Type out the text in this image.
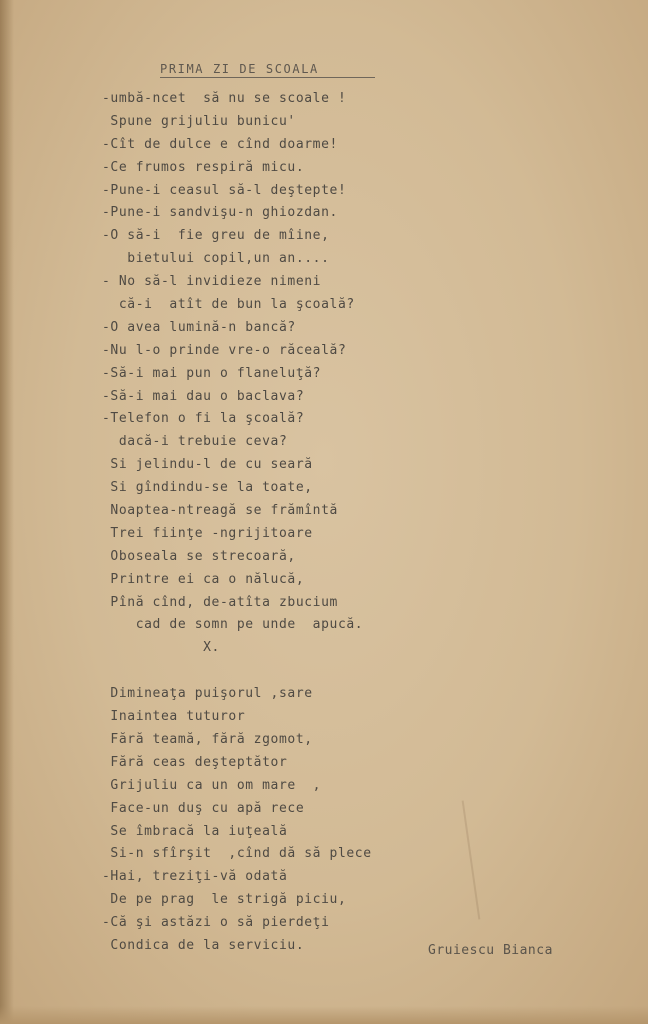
PRIMA ZI DE SCOALA
-umbă-ncet  să nu se scoale !
Spune grijuliu bunicu'
-Cît de dulce e cînd doarme!
-Ce frumos respiră micu.
-Pune-i ceasul să-l deştepte!
-Pune-i sandvişu-n ghiozdan.
-O să-i  fie greu de mîine,
bietului copil,un an....
- No să-l invidieze nimeni
că-i  atît de bun la şcoală?
-O avea lumină-n bancă?
-Nu l-o prinde vre-o răceală?
-Să-i mai pun o flaneluţă?
-Să-i mai dau o baclava?
-Telefon o fi la şcoală?
dacă-i trebuie ceva?
Si jelindu-l de cu seară
Si gîndindu-se la toate,
Noaptea-ntreagă se frămîntă
Trei fiinţe -ngrijitoare
Oboseala se strecoară,
Printre ei ca o nălucă,
Pînă cînd, de-atîta zbucium
cad de somn pe unde  apucă.
X.
Dimineaţa puişorul ,sare
Inaintea tuturor
Fără teamă, fără zgomot,
Fără ceas deşteptător
Grijuliu ca un om mare  ,
Face-un duş cu apă rece
Se îmbracă la iuţeală
Si-n sfîrşit  ,cînd dă să plece
-Hai, treziţi-vă odată
De pe prag  le strigă piciu,
-Că şi astăzi o să pierdeţi
Condica de la serviciu.	Gruiescu Bianca
